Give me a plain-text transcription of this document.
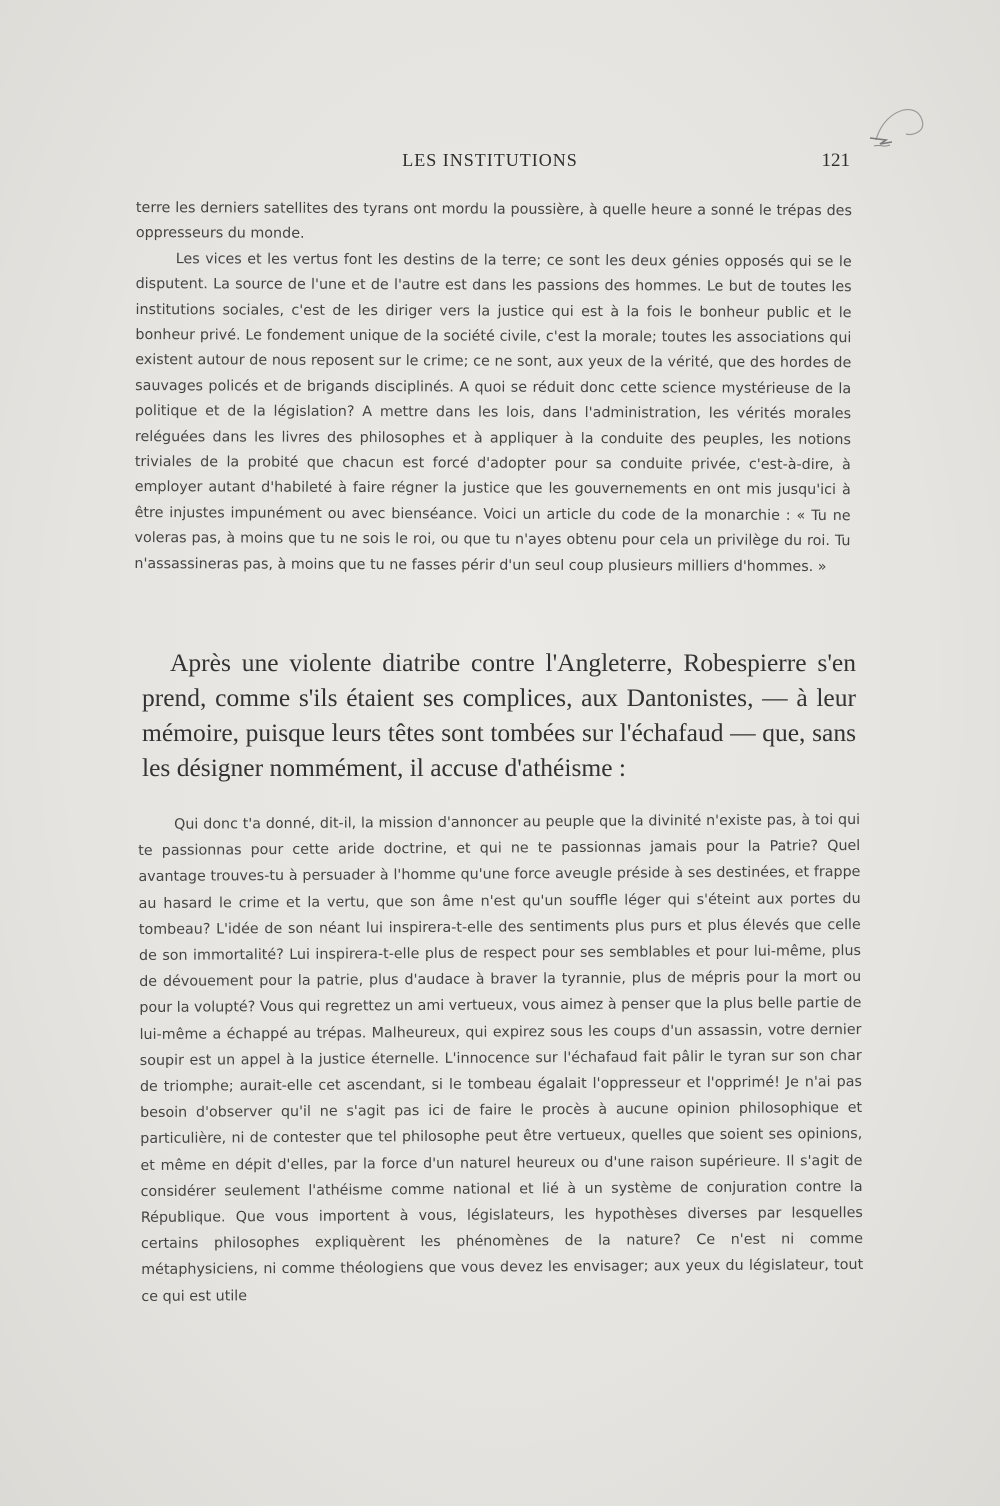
LES INSTITUTIONS	121

terre les derniers satellites des tyrans ont mordu la poussière, à quelle heure a sonné le trépas des oppresseurs du monde.

Les vices et les vertus font les destins de la terre; ce sont les deux génies opposés qui se le disputent. La source de l'une et de l'autre est dans les passions des hommes. Le but de toutes les institutions sociales, c'est de les diriger vers la justice qui est à la fois le bonheur public et le bonheur privé. Le fondement unique de la société civile, c'est la morale; toutes les associations qui existent autour de nous reposent sur le crime; ce ne sont, aux yeux de la vérité, que des hordes de sauvages policés et de brigands disciplinés. A quoi se réduit donc cette science mystérieuse de la politique et de la législation? A mettre dans les lois, dans l'administration, les vérités morales reléguées dans les livres des philosophes et à appliquer à la conduite des peuples, les notions triviales de la probité que chacun est forcé d'adopter pour sa conduite privée, c'est-à-dire, à employer autant d'habileté à faire régner la justice que les gouvernements en ont mis jusqu'ici à être injustes impunément ou avec bienséance. Voici un article du code de la monarchie : « Tu ne voleras pas, à moins que tu ne sois le roi, ou que tu n'ayes obtenu pour cela un privilège du roi. Tu n'assassineras pas, à moins que tu ne fasses périr d'un seul coup plusieurs milliers d'hommes. »

Après une violente diatribe contre l'Angleterre, Robespierre s'en prend, comme s'ils étaient ses complices, aux Dantonistes, — à leur mémoire, puisque leurs têtes sont tombées sur l'échafaud — que, sans les désigner nommément, il accuse d'athéisme :

Qui donc t'a donné, dit-il, la mission d'annoncer au peuple que la divinité n'existe pas, à toi qui te passionnas pour cette aride doctrine, et qui ne te passionnas jamais pour la Patrie? Quel avantage trouves-tu à persuader à l'homme qu'une force aveugle préside à ses destinées, et frappe au hasard le crime et la vertu, que son âme n'est qu'un souffle léger qui s'éteint aux portes du tombeau? L'idée de son néant lui inspirera-t-elle des sentiments plus purs et plus élevés que celle de son immortalité? Lui inspirera-t-elle plus de respect pour ses semblables et pour lui-même, plus de dévouement pour la patrie, plus d'audace à braver la tyrannie, plus de mépris pour la mort ou pour la volupté? Vous qui regrettez un ami vertueux, vous aimez à penser que la plus belle partie de lui-même a échappé au trépas. Malheureux, qui expirez sous les coups d'un assassin, votre dernier soupir est un appel à la justice éternelle. L'innocence sur l'échafaud fait pâlir le tyran sur son char de triomphe; aurait-elle cet ascendant, si le tombeau égalait l'oppresseur et l'opprimé! Je n'ai pas besoin d'observer qu'il ne s'agit pas ici de faire le procès à aucune opinion philosophique et particulière, ni de contester que tel philosophe peut être vertueux, quelles que soient ses opinions, et même en dépit d'elles, par la force d'un naturel heureux ou d'une raison supérieure. Il s'agit de considérer seulement l'athéisme comme national et lié à un système de conjuration contre la République. Que vous importent à vous, législateurs, les hypothèses diverses par lesquelles certains philosophes expliquèrent les phénomènes de la nature? Ce n'est ni comme métaphysiciens, ni comme théologiens que vous devez les envisager; aux yeux du législateur, tout ce qui est utile
